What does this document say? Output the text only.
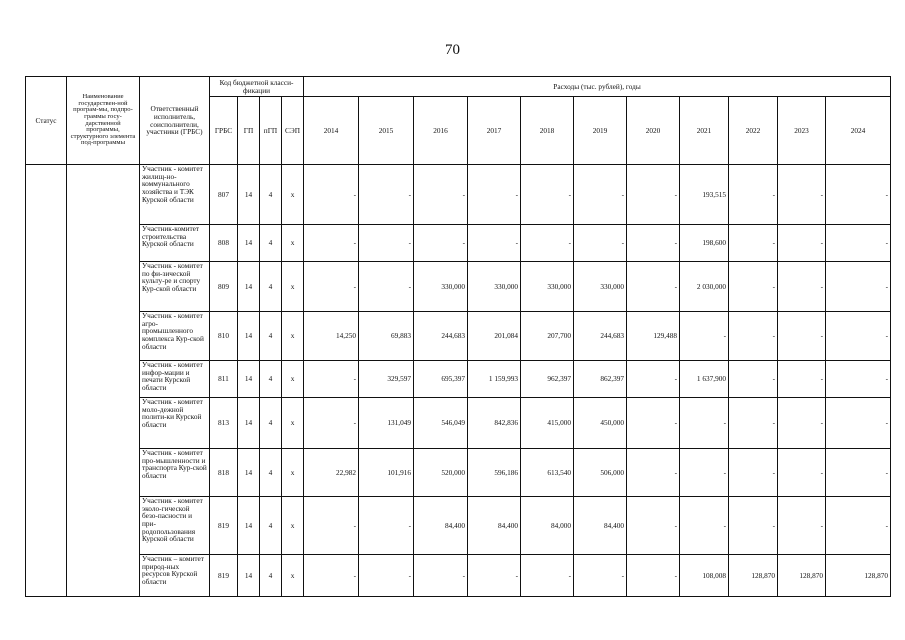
70
Статус	Наименование государствен-ной програм-мы, подпро-граммы госу-дарственной программы, структурного элемента под-программы	Ответственный исполнитель, соисполнители, участники (ГРБС)	Код бюджетной класси-фикации				Расходы (тыс. рублей), годы										
			ГРБС	ГП	пГП	СЭП	2014	2015	2016	2017	2018	2019	2020	2021	2022	2023	2024
		Участник - комитет жилищ-но-коммунального хозяйства и ТЭК Курской области	807	14	4	х	-	-	-	-	-	-	-	193,515	-	-	-
		Участник-комитет строительства Курской области	808	14	4	х	-	-	-	-	-	-	-	198,600	-	-	-
		Участник - комитет по фи-зической культу-ре и спорту Кур-ской области	809	14	4	х	-	-	330,000	330,000	330,000	330,000	-	2 030,000	-	-	-
		Участник - комитет агро-промышленного комплекса Кур-ской области	810	14	4	х	14,250	69,883	244,683	201,084	207,700	244,683	129,488	-	-	-	-
		Участник - комитет инфор-мации и печати Курской области	811	14	4	х	-	329,597	695,397	1 159,993	962,397	862,397	-	1 637,900	-	-	-
		Участник - комитет моло-дежной полити-ки Курской области	813	14	4	х	-	131,049	546,049	842,836	415,000	450,000	-	-	-	-	-
		Участник - комитет про-мышленности и транспорта Кур-ской области	818	14	4	х	22,982	101,916	520,000	596,186	613,540	506,000	-	-	-	-	-
		Участник - комитет эколо-гической безо-пасности и при-родопользования Курской области	819	14	4	х	-	-	84,400	84,400	84,000	84,400	-	-	-	-	-
		Участник – комитет природ-ных ресурсов Курской области	819	14	4	х	-	-	-	-	-	-	-	108,008	128,870	128,870	128,870
